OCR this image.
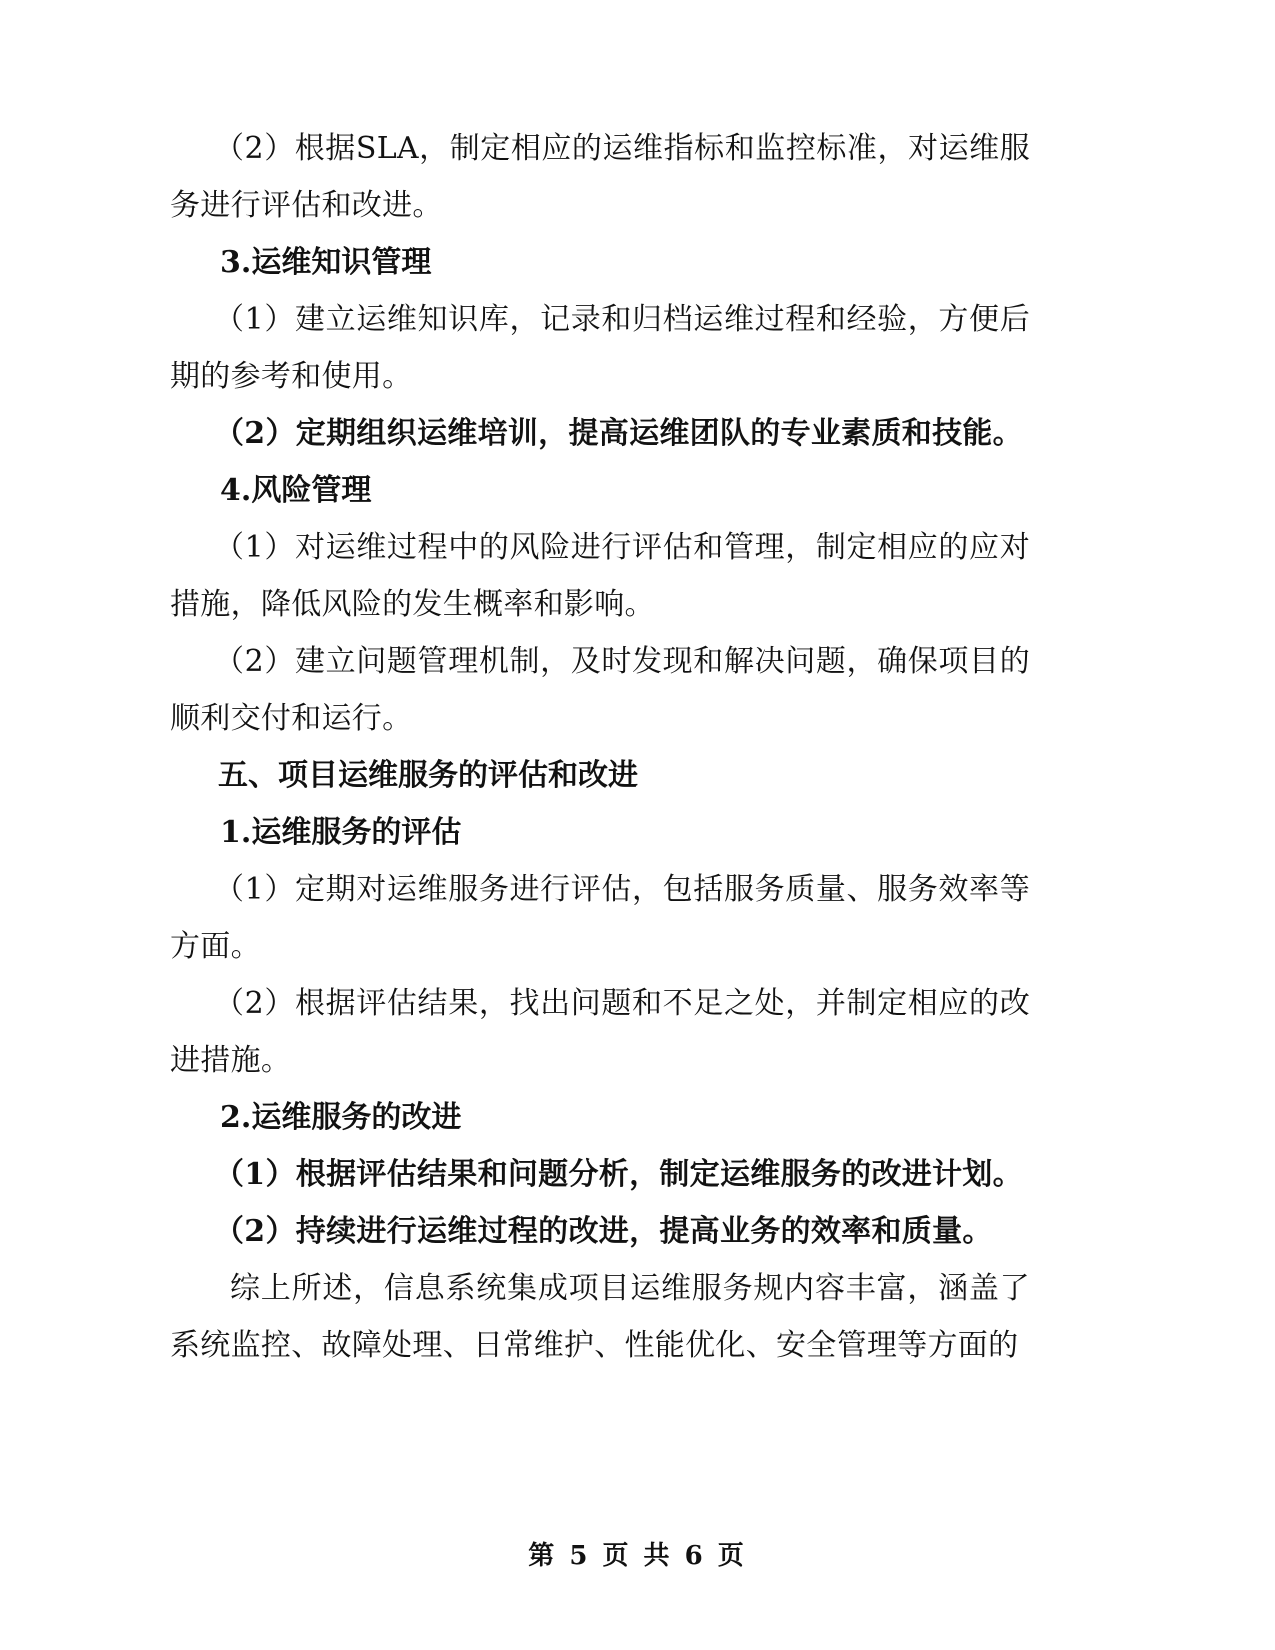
（2）根据SLA，制定相应的运维指标和监控标准，对运维服务进行评估和改进。

3.运维知识管理

（1）建立运维知识库，记录和归档运维过程和经验，方便后期的参考和使用。

（2）定期组织运维培训，提高运维团队的专业素质和技能。

4.风险管理

（1）对运维过程中的风险进行评估和管理，制定相应的应对措施，降低风险的发生概率和影响。

（2）建立问题管理机制，及时发现和解决问题，确保项目的顺利交付和运行。

五、项目运维服务的评估和改进

1.运维服务的评估

（1）定期对运维服务进行评估，包括服务质量、服务效率等方面。

（2）根据评估结果，找出问题和不足之处，并制定相应的改进措施。

2.运维服务的改进

（1）根据评估结果和问题分析，制定运维服务的改进计划。

（2）持续进行运维过程的改进，提高业务的效率和质量。

综上所述，信息系统集成项目运维服务规内容丰富，涵盖了系统监控、故障处理、日常维护、性能优化、安全管理等方面的

第 5 页 共 6 页
